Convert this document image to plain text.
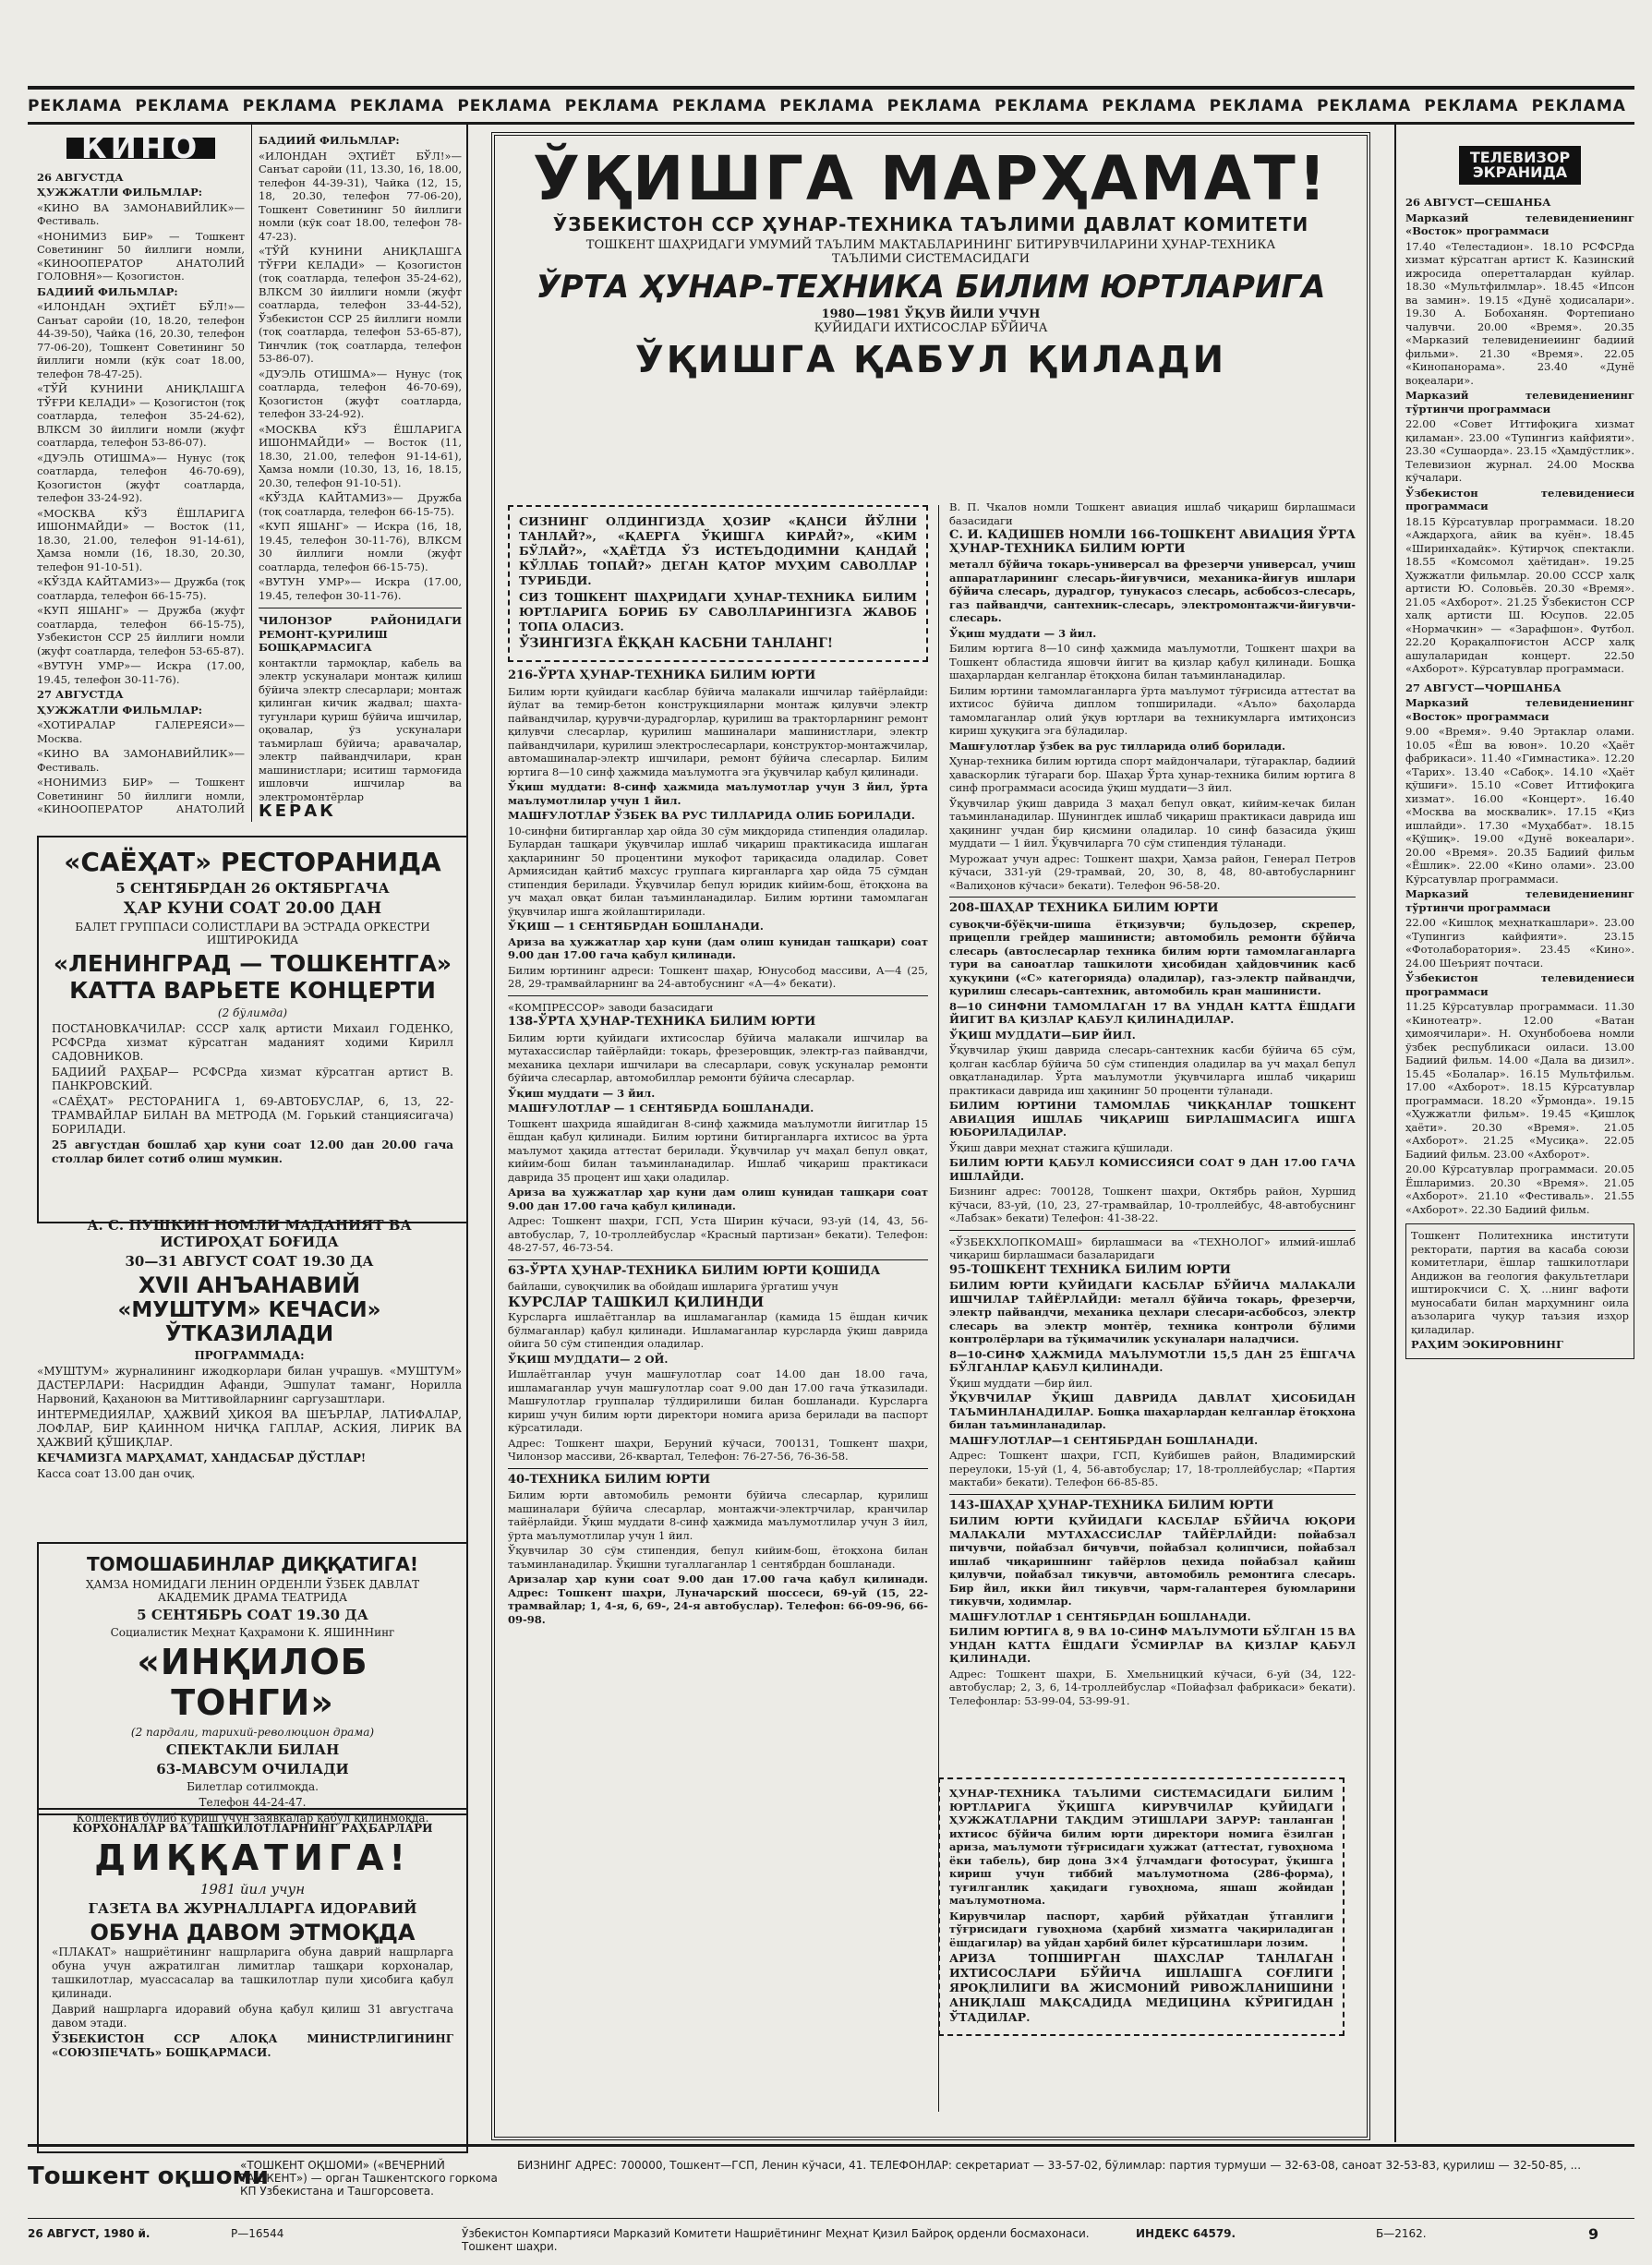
РЕКЛАМА РЕКЛАМА РЕКЛАМА РЕКЛАМА РЕКЛАМА РЕКЛАМА РЕКЛАМА РЕКЛАМА РЕКЛАМА РЕКЛАМА РЕКЛАМА РЕКЛАМА РЕКЛАМА РЕКЛАМА РЕКЛАМА
КИНО

26 АВГУСТДА

ҲУЖЖАТЛИ ФИЛЬМЛАР:

«КИНО ВА ЗАМОНАВИЙЛИК»— Фестиваль.

«НОНИМИЗ БИР» — Тошкент Советининг 50 йиллиги номли, «КИНООПЕРАТОР АНАТОЛИЙ ГОЛОВНЯ»— Қозогистон.

БАДИИЙ ФИЛЬМЛАР:

«ИЛОНДАН ЭҲТИЁТ БЎЛ!»—Санъат саройи (10, 18.20, телефон 44-39-50), Чайка (16, 20.30, телефон 77-06-20), Тошкент Советининг 50 йиллиги номли (кўк соат 18.00, телефон 78-47-25).

«ТЎЙ КУНИНИ АНИҚЛАШГА ТЎҒРИ КЕЛАДИ» — Қозогистон (тоқ соатларда, телефон 35-24-62), ВЛКСМ 30 йиллиги номли (жуфт соатларда, телефон 53-86-07).

«ДУЭЛЬ ОТИШМА»— Нунус (тоқ соатларда, телефон 46-70-69), Қозогистон (жуфт соатларда, телефон 33-24-92).

«МОСКВА КЎЗ ЁШЛАРИГА ИШОНМАЙДИ» — Восток (11, 18.30, 21.00, телефон 91-14-61), Ҳамза номли (16, 18.30, 20.30, телефон 91-10-51).

«КЎЗДА КАЙТАМИЗ»— Дружба (тоқ соатларда, телефон 66-15-75).

«КУП ЯШАНГ» — Дружба (жуфт соатларда, телефон 66-15-75), Узбекистон ССР 25 йиллиги номли (жуфт соатларда, телефон 53-65-87).

«ВУТУН УМР»— Искра (17.00, 19.45, телефон 30-11-76).

27 АВГУСТДА

ҲУЖЖАТЛИ ФИЛЬМЛАР:

«ХОТИРАЛАР ГАЛЕРЕЯСИ»— Москва.

«КИНО ВА ЗАМОНАВИЙЛИК»— Фестиваль.

«НОНИМИЗ БИР» — Тошкент Советининг 50 йиллиги номли, «КИНООПЕРАТОР АНАТОЛИЙ

БАДИИЙ ФИЛЬМЛАР:

«ИЛОНДАН ЭҲТИЁТ БЎЛ!»— Санъат саройи (11, 13.30, 16, 18.00, телефон 44-39-31), Чайка (12, 15, 18, 20.30, телефон 77-06-20), Тошкент Советининг 50 йиллиги номли (кўк соат 18.00, телефон 78-47-23).

«ТЎЙ КУНИНИ АНИҚЛАШГА ТЎҒРИ КЕЛАДИ» — Қозогистон (тоқ соатларда, телефон 35-24-62), ВЛКСМ 30 йиллиги номли (жуфт соатларда, телефон 33-44-52), Ўзбекистон ССР 25 йиллиги номли (тоқ соатларда, телефон 53-65-87), Тинчлик (тоқ соатларда, телефон 53-86-07).

«ДУЭЛЬ ОТИШМА»— Нунус (тоқ соатларда, телефон 46-70-69), Қозогистон (жуфт соатларда, телефон 33-24-92).

«МОСКВА КЎЗ ЁШЛАРИГА ИШОНМАЙДИ» — Восток (11, 18.30, 21.00, телефон 91-14-61), Ҳамза номли (10.30, 13, 16, 18.15, 20.30, телефон 91-10-51).

«КЎЗДА КАЙТАМИЗ»— Дружба (тоқ соатларда, телефон 66-15-75).

«КУП ЯШАНГ» — Искра (16, 18, 19.45, телефон 30-11-76), ВЛКСМ 30 йиллиги номли (жуфт соатларда, телефон 66-15-75).

«ВУТУН УМР»— Искра (17.00, 19.45, телефон 30-11-76).

ЧИЛОНЗОР РАЙОНИДАГИ РЕМОНТ-ҚУРИЛИШ БОШҚАРМАСИГА

контактли тармоқлар, кабель ва электр ускуналари монтаж қилиш бўйича электр слесарлари; монтаж қилинган кичик жадвал; шахта-тугунлари қуриш бўйича ишчилар, оқовалар, ўз ускуналари таъмирлаш бўйича; аравачалар, электр пайвандчилари, кран машинистлари; иситиш тармоғида ишловчи ишчилар ва электромонтёрлар

КЕРАК

«САЁҲАТ» РЕСТОРАНИДА
5 СЕНТЯБРДАН 26 ОКТЯБРГАЧА
ҲАР КУНИ СОАТ 20.00 ДАН
БАЛЕТ ГРУППАСИ СОЛИСТЛАРИ ВА ЭСТРАДА ОРКЕСТРИ ИШТИРОКИДА
«ЛЕНИНГРАД — ТОШКЕНТГА»
КАТТА ВАРЬЕТЕ КОНЦЕРТИ
(2 бўлимда)

ПОСТАНОВКАЧИЛАР: СССР халқ артисти Михаил ГОДЕНКО, РСФСРда хизмат кўрсатган маданият ходими Кирилл САДОВНИКОВ.

БАДИИЙ РАҲБАР— РСФСРда хизмат кўрсатган артист В. ПАНКРОВСКИЙ.

«САЁҲАТ» РЕСТОРАНИГА 1, 69-АВТОБУСЛАР, 6, 13, 22-ТРАМВАЙЛАР БИЛАН ВА МЕТРОДА (М. Горький станциясигача) БОРИЛАДИ.

25 августдан бошлаб ҳар куни соат 12.00 дан 20.00 гача столлар билет сотиб олиш мумкин.

А. С. ПУШКИН НОМЛИ МАДАНИЯТ ВА ИСТИРОҲАТ БОҒИДА
30—31 АВГУСТ СОАТ 19.30 ДА
XVII АНЪАНАВИЙ
«МУШТУМ» КЕЧАСИ» ЎТКАЗИЛАДИ
ПРОГРАММАДА:

«МУШТУМ» журналининг ижодкорлари билан учрашув. «МУШТУМ» ДАСТЕРЛАРИ: Насриддин Афанди, Эшпулат таманг, Норилла Нарвоний, Қаҳаноюн ва Миттивойларнинг саргузаштлари.

ИНТЕРМЕДИЯЛАР, ҲАЖВИЙ ҲИКОЯ ВА ШЕЪРЛАР, ЛАТИФАЛАР, ЛОФЛАР, БИР ҚАИННОМ НИЧҚА ГАПЛАР, АСКИЯ, ЛИРИК ВА ҲАЖВИЙ ҚЎШИҚЛАР.

КЕЧАМИЗГА МАРҲАМАТ, ХАНДАСБАР ДЎСТЛАР!

Касса соат 13.00 дан очиқ.

ТОМОШАБИНЛАР ДИҚҚАТИГА!
ҲАМЗА НОМИДАГИ ЛЕНИН ОРДЕНЛИ ЎЗБЕК ДАВЛАТ АКАДЕМИК ДРАМА ТЕАТРИДА
5 СЕНТЯБРЬ СОАТ 19.30 ДА
Социалистик Меҳнат Қаҳрамони К. ЯШИННинг
«ИНҚИЛОБ ТОНГИ»
(2 пардали, тарихий-революцион драма)
СПЕКТАКЛИ БИЛАН
63-МАВСУМ ОЧИЛАДИ
Билетлар сотилмоқда.
Телефон 44-24-47.
Коллектив бўлиб кўриш учун заявкалар қабул қилинмоқда.
КОРХОНАЛАР ВА ТАШКИЛОТЛАРНИНГ РАҲБАРЛАРИ
ДИҚҚАТИГА!
1981 йил учун
ГАЗЕТА ВА ЖУРНАЛЛАРГА ИДОРАВИЙ
ОБУНА ДАВОМ ЭТМОҚДА

«ПЛАКАТ» нашриётининг нашрларига обуна даврий нашрларга обуна учун ажратилган лимитлар ташқари корхоналар, ташкилотлар, муассасалар ва ташкилотлар пули ҳисобига қабул қилинади.

Даврий нашрларга идоравий обуна қабул қилиш 31 августгача давом этади.

ЎЗБЕКИСТОН ССР АЛОҚА МИНИСТРЛИГИНИНГ «СОЮЗПЕЧАТЬ» БОШҚАРМАСИ.

ЎҚИШГА МАРҲАМАТ!
ЎЗБЕКИСТОН ССР ҲУНАР-ТЕХНИКА ТАЪЛИМИ ДАВЛАТ КОМИТЕТИ
ТОШКЕНТ ШАҲРИДАГИ УМУМИЙ ТАЪЛИМ МАКТАБЛАРИНИНГ БИТИРУВЧИЛАРИНИ ҲУНАР-ТЕХНИКА ТАЪЛИМИ СИСТЕМАСИДАГИ
ЎРТА ҲУНАР-ТЕХНИКА БИЛИМ ЮРТЛАРИГА
1980—1981 ЎҚУВ ЙИЛИ УЧУН
ҚУЙИДАГИ ИХТИСОСЛАР БЎЙИЧА
ЎҚИШГА ҚАБУЛ ҚИЛАДИ

СИЗНИНГ ОЛДИНГИЗДА ҲОЗИР «ҚАНСИ ЙЎЛНИ ТАНЛАЙ?», «ҚАЕРГА ЎҚИШГА КИРАЙ?», «КИМ БЎЛАЙ?», «ҲАЁТДА ЎЗ ИСТЕЪДОДИМНИ ҚАНДАЙ КЎЛЛАБ ТОПАЙ?» ДЕГАН ҚАТОР МУҲИМ САВОЛЛАР ТУРИБДИ.

СИЗ ТОШКЕНТ ШАҲРИДАГИ ҲУНАР-ТЕХНИКА БИЛИМ ЮРТЛАРИГА БОРИБ БУ САВОЛЛАРИНГИЗГА ЖАВОБ ТОПА ОЛАСИЗ.

ЎЗИНГИЗГА ЁҚҚАН КАСБНИ ТАНЛАНГ!

216-ЎРТА ҲУНАР-ТЕХНИКА БИЛИМ ЮРТИ

Билим юрти қуйидаги касблар бўйича малакали ишчилар тайёрлайди: йўлат ва темир-бетон конструкцияларни монтаж қилувчи электр пайвандчилар, қурувчи-дурадгорлар, қурилиш ва тракторларнинг ремонт қилувчи слесарлар, қурилиш машиналари машинистлари, электр пайвандчилари, қурилиш электрослесарлари, конструктор-монтажчилар, автомашиналар-электр ишчилари, ремонт бўйича слесарлар. Билим юртига 8—10 синф ҳажмида маълумотга эга ўқувчилар қабул қилинади.

Ўқиш муддати: 8-синф ҳажмида маълумотлар учун 3 йил, ўрта маълумотлилар учун 1 йил.

МАШҒУЛОТЛАР ЎЗБЕК ВА РУС ТИЛЛАРИДА ОЛИБ БОРИЛАДИ.

10-синфни битирганлар ҳар ойда 30 сўм миқдорида стипендия оладилар. Булардан ташқари ўқувчилар ишлаб чиқариш практикасида ишлаган ҳақларининг 50 процентини мукофот тариқасида оладилар. Совет Армиясидан қайтиб махсус группага кирганларга ҳар ойда 75 сўмдан стипендия берилади. Ўқувчилар бепул юридик кийим-бош, ётоқхона ва уч маҳал овқат билан таъминланадилар. Билим юртини тамомлаган ўқувчилар ишга жойлаштирилади.

ЎҚИШ — 1 СЕНТЯБРДАН БОШЛАНАДИ.

Ариза ва ҳужжатлар ҳар куни (дам олиш кунидан ташқари) соат 9.00 дан 17.00 гача қабул қилинади.

Билим юртининг адреси: Тошкент шаҳар, Юнусобод массиви, А—4 (25, 28, 29-трамвайларнинг ва 24-автобуснинг «А—4» бекати).

«КОМПРЕССОР» заводи базасидаги

138-ЎРТА ҲУНАР-ТЕХНИКА БИЛИМ ЮРТИ

Билим юрти қуйидаги ихтисослар бўйича малакали ишчилар ва мутахассислар тайёрлайди: токарь, фрезеровщик, электр-газ пайвандчи, механика цехлари ишчилари ва слесарлари, совуқ ускуналар ремонти бўйича слесарлар, автомобиллар ремонти бўйича слесарлар.

Ўқиш муддати — 3 йил.

МАШҒУЛОТЛАР — 1 СЕНТЯБРДА БОШЛАНАДИ.

Тошкент шаҳрида яшайдиган 8-синф ҳажмида маълумотли йигитлар 15 ёшдан қабул қилинади. Билим юртини битирганларга ихтисос ва ўрта маълумот ҳақида аттестат берилади. Ўқувчилар уч маҳал бепул овқат, кийим-бош билан таъминланадилар. Ишлаб чиқариш практикаси даврида 35 процент иш ҳақи оладилар.

Ариза ва ҳужжатлар ҳар куни дам олиш кунидан ташқари соат 9.00 дан 17.00 гача қабул қилинади.

Адрес: Тошкент шаҳри, ГСП, Уста Ширин кўчаси, 93-уй (14, 43, 56-автобуслар, 7, 10-троллейбуслар «Красный партизан» бекати). Телефон: 48-27-57, 46-73-54.

63-ЎРТА ҲУНАР-ТЕХНИКА БИЛИМ ЮРТИ ҚОШИДА

байлаши, сувоқчилик ва обойдаш ишларига ўргатиш учун

КУРСЛАР ТАШКИЛ ҚИЛИНДИ

Курсларга ишлаётганлар ва ишламаганлар (камида 15 ёшдан кичик бўлмаганлар) қабул қилинади. Ишламаганлар курсларда ўқиш даврида ойига 50 сўм стипендия оладилар.

ЎҚИШ МУДДАТИ— 2 ОЙ.

Ишлаётганлар учун машғулотлар соат 14.00 дан 18.00 гача, ишламаганлар учун машғулотлар соат 9.00 дан 17.00 гача ўтказилади. Машғулотлар группалар тўлдирилиши билан бошланади. Курсларга кириш учун билим юрти директори номига ариза берилади ва паспорт кўрсатилади.

Адрес: Тошкент шаҳри, Беруний кўчаси, 700131, Тошкент шаҳри, Чилонзор массиви, 26-квартал, Телефон: 76-27-56, 76-36-58.

40-ТЕХНИКА БИЛИМ ЮРТИ

Билим юрти автомобиль ремонти бўйича слесарлар, қурилиш машиналари бўйича слесарлар, монтажчи-электрчилар, кранчилар тайёрлайди. Ўқиш муддати 8-синф ҳажмида маълумотлилар учун 3 йил, ўрта маълумотлилар учун 1 йил.

Ўқувчилар 30 сўм стипендия, бепул кийим-бош, ётоқхона билан таъминланадилар. Ўқишни тугаллаганлар 1 сентябрдан бошланади.

Аризалар ҳар куни соат 9.00 дан 17.00 гача қабул қилинади. Адрес: Тошкент шаҳри, Луначарский шоссеси, 69-уй (15, 22-трамвайлар; 1, 4-я, 6, 69-, 24-я автобуслар). Телефон: 66-09-96, 66-09-98.

В. П. Чкалов номли Тошкент авиация ишлаб чиқариш бирлашмаси базасидаги

С. И. КАДИШЕВ НОМЛИ 166-ТОШКЕНТ АВИАЦИЯ ЎРТА ҲУНАР-ТЕХНИКА БИЛИМ ЮРТИ

металл бўйича токарь-универсал ва фрезерчи универсал, учиш аппаратларининг слесарь-йиғувчиси, механика-йиғув ишлари бўйича слесарь, дурадгор, тунукасоз слесарь, асбобсоз-слесарь, газ пайвандчи, сантехник-слесарь, электромонтажчи-йиғувчи-слесарь.

Ўқиш муддати — 3 йил.

Билим юртига 8—10 синф ҳажмида маълумотли, Тошкент шаҳри ва Тошкент областида яшовчи йигит ва қизлар қабул қилинади. Бошқа шаҳарлардан келганлар ётоқхона билан таъминланадилар.

Билим юртини тамомлаганларга ўрта маълумот тўғрисида аттестат ва ихтисос бўйича диплом топширилади. «Аъло» баҳоларда тамомлаганлар олий ўқув юртлари ва техникумларга имтиҳонсиз кириш ҳуқуқига эга бўладилар.

Машғулотлар ўзбек ва рус тилларида олиб борилади.

Ҳунар-техника билим юртида спорт майдончалари, тўгараклар, бадиий ҳаваскорлик тўгараги бор. Шаҳар Ўрта ҳунар-техника билим юртига 8 синф программаси асосида ўқиш муддати—3 йил.

Ўқувчилар ўқиш даврида 3 маҳал бепул овқат, кийим-кечак билан таъминланадилар. Шунингдек ишлаб чиқариш практикаси даврида иш ҳақининг учдан бир қисмини оладилар. 10 синф базасида ўқиш муддати — 1 йил. Ўқувчиларга 70 сўм стипендия тўланади.

Мурожаат учун адрес: Тошкент шаҳри, Ҳамза район, Генерал Петров кўчаси, 331-уй (29-трамвай, 20, 30, 8, 48, 80-автобусларнинг «Валиҳонов кўчаси» бекати). Телефон 96-58-20.

208-ШАҲАР ТЕХНИКА БИЛИМ ЮРТИ

сувоқчи-бўёқчи-шиша ётқизувчи; бульдозер, скрепер, прицепли грейдер машинисти; автомобиль ремонти бўйича слесарь (автослесарлар техника билим юрти тамомлаганларга тури ва саноатлар ташкилоти ҳисобидан ҳайдовчиник касб ҳуқуқини («C» категорияда) оладилар), газ-электр пайвандчи, қурилиш слесарь-сантехник, автомобиль кран машинисти.

8—10 СИНФНИ ТАМОМЛАГАН 17 ВА УНДАН КАТТА ЁШДАГИ ЙИГИТ ВА ҚИЗЛАР ҚАБУЛ ҚИЛИНАДИЛАР.

ЎҚИШ МУДДАТИ—БИР ЙИЛ.

Ўқувчилар ўқиш даврида слесарь-сантехник касби бўйича 65 сўм, қолган касблар бўйича 50 сўм стипендия оладилар ва уч маҳал бепул овқатланадилар. Ўрта маълумотли ўқувчиларга ишлаб чиқариш практикаси даврида иш ҳақининг 50 проценти тўланади.

БИЛИМ ЮРТИНИ ТАМОМЛАБ ЧИҚҚАНЛАР ТОШКЕНТ АВИАЦИЯ ИШЛАБ ЧИҚАРИШ БИРЛАШМАСИГА ИШГА ЮБОРИЛАДИЛАР.

Ўқиш даври меҳнат стажига қўшилади.

БИЛИМ ЮРТИ ҚАБУЛ КОМИССИЯСИ СОАТ 9 ДАН 17.00 ГАЧА ИШЛАЙДИ.

Бизнинг адрес: 700128, Тошкент шаҳри, Октябрь район, Хуршид кўчаси, 83-уй, (10, 23, 27-трамвайлар, 10-троллейбус, 48-автобуснинг «Лабзак» бекати) Телефон: 41-38-22.

«ЎЗБЕКХЛОПКОМАШ» бирлашмаси ва «ТЕХНОЛОГ» илмий-ишлаб чиқариш бирлашмаси базаларидаги

95-ТОШКЕНТ ТЕХНИКА БИЛИМ ЮРТИ

БИЛИМ ЮРТИ ҚУЙИДАГИ КАСБЛАР БЎЙИЧА МАЛАКАЛИ ИШЧИЛАР ТАЙЁРЛАЙДИ: металл бўйича токарь, фрезерчи, электр пайвандчи, механика цехлари слесари-асбобсоз, электр слесарь ва электр монтёр, техника контроли бўлими контролёрлари ва тўқимачилик ускуналари наладчиси.

8—10-СИНФ ҲАЖМИДА МАЪЛУМОТЛИ 15,5 ДАН 25 ЁШГАЧА БЎЛГАНЛАР ҚАБУЛ ҚИЛИНАДИ.

Ўқиш муддати —бир йил.

ЎҚУВЧИЛАР ЎҚИШ ДАВРИДА ДАВЛАТ ҲИСОБИДАН ТАЪМИНЛАНАДИЛАР. Бошқа шаҳарлардан келганлар ётоқхона билан таъминланадилар.

МАШҒУЛОТЛАР—1 СЕНТЯБРДАН БОШЛАНАДИ.

Адрес: Тошкент шаҳри, ГСП, Куйбишев район, Владимирский переулоки, 15-уй (1, 4, 56-автобуслар; 17, 18-троллейбуслар; «Партия мактаби» бекати). Телефон 66-85-85.

143-ШАҲАР ҲУНАР-ТЕХНИКА БИЛИМ ЮРТИ

БИЛИМ ЮРТИ ҚУЙИДАГИ КАСБЛАР БЎЙИЧА ЮҚОРИ МАЛАКАЛИ МУТАХАССИСЛАР ТАЙЁРЛАЙДИ: пойабзал пичувчи, пойабзал бичувчи, пойабзал қолипчиси, пойабзал ишлаб чиқаришнинг тайёрлов цехида пойабзал қайиш қилувчи, пойабзал тикувчи, автомобиль ремонтига слесарь. Бир йил, икки йил тикувчи, чарм-галантерея буюмларини тикувчи, ходимлар.

МАШҒУЛОТЛАР 1 СЕНТЯБРДАН БОШЛАНАДИ.

БИЛИМ ЮРТИГА 8, 9 ВА 10-СИНФ МАЪЛУМОТИ БЎЛГАН 15 ВА УНДАН КАТТА ЁШДАГИ ЎСМИРЛАР ВА ҚИЗЛАР ҚАБУЛ ҚИЛИНАДИ.

Адрес: Тошкент шаҳри, Б. Хмельницкий кўчаси, 6-уй (34, 122-автобуслар; 2, 3, 6, 14-троллейбуслар «Пойафзал фабрикаси» бекати). Телефонлар: 53-99-04, 53-99-91.

ҲУНАР-ТЕХНИКА ТАЪЛИМИ СИСТЕМАСИДАГИ БИЛИМ ЮРТЛАРИГА ЎҚИШГА КИРУВЧИЛАР ҚУЙИДАГИ ҲУЖЖАТЛАРНИ ТАҚДИМ ЭТИШЛАРИ ЗАРУР: танланган ихтисос бўйича билим юрти директори номига ёзилган ариза, маълумоти тўғрисидаги ҳужжат (аттестат, гувоҳнома ёки табель), бир дона 3×4 ўлчамдаги фотосурат, ўқишга кириш учун тиббий маълумотнома (286-форма), туғилганлик ҳақидаги гувоҳнома, яшаш жойидан маълумотнома.

Кирувчилар паспорт, ҳарбий рўйхатдан ўтганлиги тўғрисидаги гувоҳнома (ҳарбий хизматга чақириладиган ёшдагилар) ва уйдан ҳарбий билет кўрсатишлари лозим.

АРИЗА ТОПШИРГАН ШАХСЛАР ТАНЛАГАН ИХТИСОСЛАРИ БЎЙИЧА ИШЛАШГА СОҒЛИГИ ЯРОҚЛИЛИГИ ВА ЖИСМОНИЙ РИВОЖЛАНИШИНИ АНИҚЛАШ МАҚСАДИДА МЕДИЦИНА КЎРИГИДАН ЎТАДИЛАР.

ТЕЛЕВИЗОР
ЭКРАНИДА

26 АВГУСТ—СЕШАНБА

Марказий телевидениенинг «Восток» программаси

17.40 «Телестадион». 18.10 РСФСРда хизмат кўрсатган артист К. Казинский ижросида оперетталардан куйлар. 18.30 «Мультфилмлар». 18.45 «Ипсон ва замин». 19.15 «Дунё ҳодисалари». 19.30 А. Бобоханян. Фортепиано чалувчи. 20.00 «Время». 20.35 «Марказий телевидениеиинг бадиий фильми». 21.30 «Время». 22.05 «Кинопанорама». 23.40 «Дунё воқеалари».

Марказий телевидениенинг тўртинчи программаси

22.00 «Совет Иттифоқига хизмат қиламан». 23.00 «Тупингиз кайфияти». 23.30 «Сушаорда». 23.15 «Ҳамдўстлик». Телевизион журнал. 24.00 Москва кўчалари.

Ўзбекистон телевидениеси программаси

18.15 Кўрсатувлар программаси. 18.20 «Аждарҳога, айик ва куён». 18.45 «Ширинхадайк». Кўтирчоқ спектакли. 18.55 «Комсомол ҳаётидан». 19.25 Ҳужжатли фильмлар. 20.00 СССР халқ артисти Ю. Соловьёв. 20.30 «Время». 21.05 «Ахборот». 21.25 Ўзбекистон ССР халқ артисти Ш. Юсупов. 22.05 «Нормачкин» — «Зарафшон». Футбол. 22.20 Қорақалпоғистон АССР халқ ашулаларидан концерт. 22.50 «Ахборот». Кўрсатувлар программаси.

27 АВГУСТ—ЧОРШАНБА

Марказий телевидениенинг «Восток» программаси

9.00 «Время». 9.40 Эртаклар олами. 10.05 «Ёш ва ювон». 10.20 «Ҳаёт фабрикаси». 11.40 «Гимнастика». 12.20 «Тарих». 13.40 «Сабоқ». 14.10 «Ҳаёт қўшиғи». 15.10 «Совет Иттифоқига хизмат». 16.00 «Концерт». 16.40 «Москва ва москвалик». 17.15 «Қиз ишлайди». 17.30 «Муҳаббат». 18.15 «Қўшиқ». 19.00 «Дунё вокеалари». 20.00 «Время». 20.35 Бадиий фильм «Ёшлик». 22.00 «Кино олами». 23.00 Кўрсатувлар программаси.

Марказий телевидениенинг тўртинчи программаси

22.00 «Кишлоқ меҳнаткашлари». 23.00 «Тупингиз кайфияти». 23.15 «Фотолаборатория». 23.45 «Кино». 24.00 Шеърият почтаси.

Ўзбекистон телевидениеси программаси

11.25 Кўрсатувлар программаси. 11.30 «Кинотеатр». 12.00 «Ватан ҳимоячилари». Н. Охунбобоева номли ўзбек республикаси оиласи. 13.00 Бадиий фильм. 14.00 «Дала ва дизил». 15.45 «Болалар». 16.15 Мультфильм. 17.00 «Ахборот». 18.15 Кўрсатувлар программаси. 18.20 «Ўрмонда». 19.15 «Ҳужжатли фильм». 19.45 «Қишлоқ ҳаёти». 20.30 «Время». 21.05 «Ахборот». 21.25 «Мусиқа». 22.05 Бадиий фильм. 23.00 «Ахборот».

20.00 Кўрсатувлар программаси. 20.05 Ёшларимиз. 20.30 «Время». 21.05 «Ахборот». 21.10 «Фестиваль». 21.55 «Ахборот». 22.30 Бадиий фильм.

Тошкент Политехника институти ректорати, партия ва касаба союзи комитетлари, ёшлар ташкилотлари Андижон ва геология факультетлари иштирокчиси С. Ҳ. ...нинг вафоти муносабати билан марҳумнинг оила аъзоларига чуқур таъзия изҳор қиладилар.

РАҲИМ ЭОКИРОВНИНГ

Тошкент оқшоми
«ТОШКЕНТ ОҚШОМИ» («ВЕЧЕРНИЙ ТАШКЕНТ») — орган Ташкентского горкома КП Узбекистана и Ташгорсовета.
БИЗНИНГ АДРЕС: 700000, Тошкент—ГСП, Ленин кўчаси, 41. ТЕЛЕФОНЛАР: секретариат — 33-57-02, бўлимлар: партия турмуши — 32-63-08, саноат 32-53-83, қурилиш — 32-50-85, ...
26 АВГУСТ, 1980 й.	Р—16544	Ўзбекистон Компартияси Марказий Комитети Нашриётининг Меҳнат Қизил Байроқ орденли босмахонаси. Тошкент шаҳри.
ИНДЕКС 64579.	Б—2162.	9
